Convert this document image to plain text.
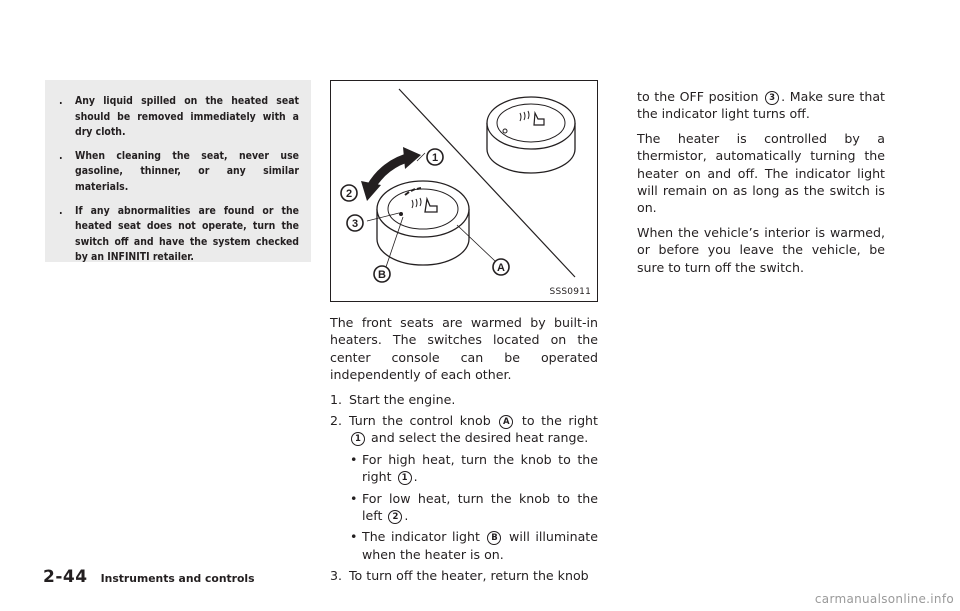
. Any liquid spilled on the heated seat should be removed immediately with a dry cloth.
. When cleaning the seat, never use gasoline, thinner, or any similar materials.
. If any abnormalities are found or the heated seat does not operate, turn the switch off and have the system checked by an INFINITI retailer.
1
2
3
B
A
SSS0911

The front seats are warmed by built-in heaters. The switches located on the center console can be operated independently of each other.

1. Start the engine.
2. Turn the control knob A to the right 1 and select the desired heat range.
• For high heat, turn the knob to the right 1 .
• For low heat, turn the knob to the left 2 .
• The indicator light B will illuminate when the heater is on.
3. To turn off the heater, return the knob

to the OFF position 3 . Make sure that the indicator light turns off.

The heater is controlled by a thermistor, automatically turning the heater on and off. The indicator light will remain on as long as the switch is on.

When the vehicle’s interior is warmed, or before you leave the vehicle, be sure to turn off the switch.

2-44 Instruments and controls
carmanualsonline.info
